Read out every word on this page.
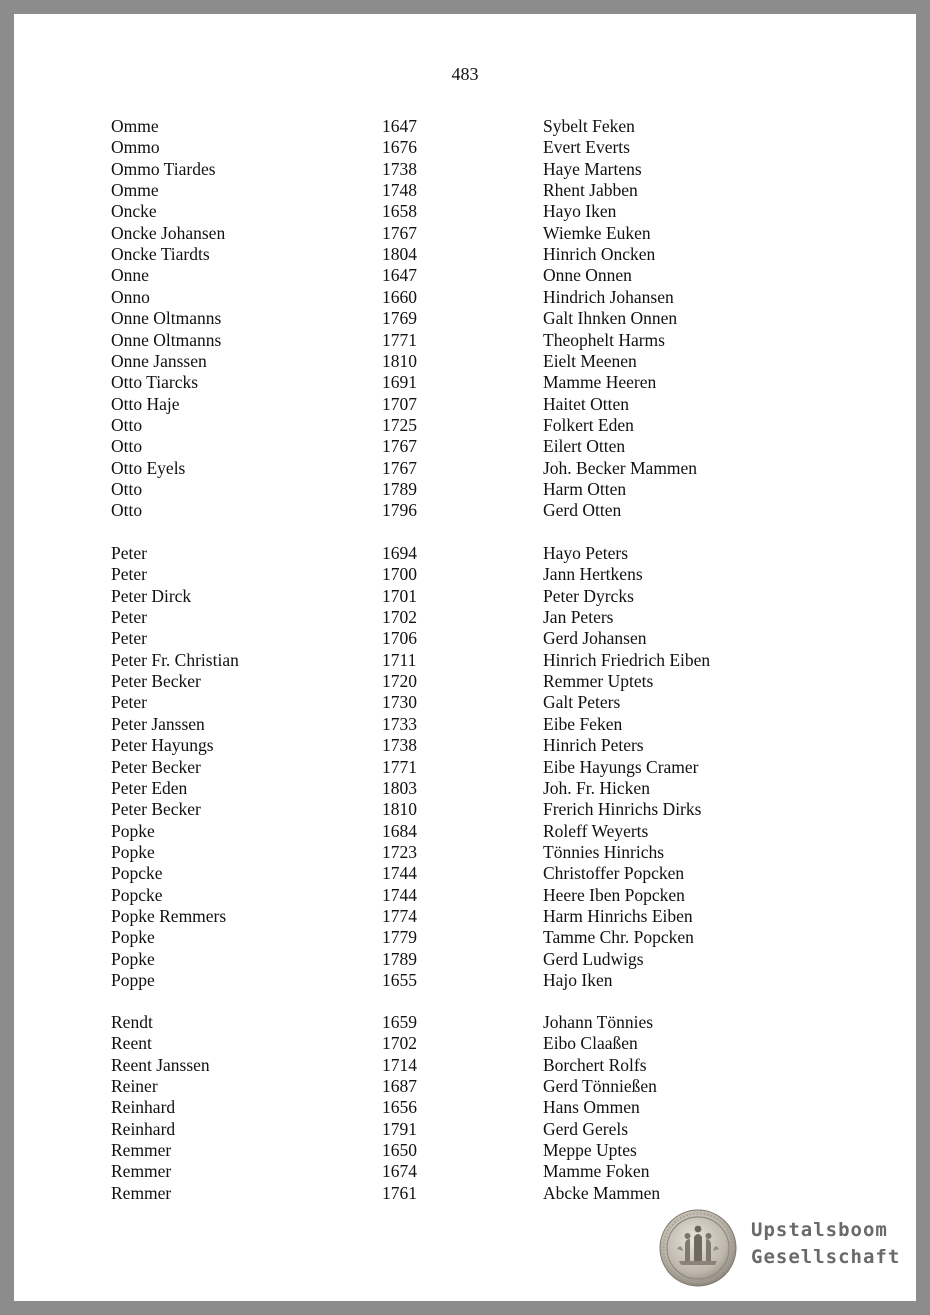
483
Omme	1647	Sybelt Feken
Ommo	1676	Evert Everts
Ommo Tiardes	1738	Haye Martens
Omme	1748	Rhent Jabben
Oncke	1658	Hayo Iken
Oncke Johansen	1767	Wiemke Euken
Oncke Tiardts	1804	Hinrich Oncken
Onne	1647	Onne Onnen
Onno	1660	Hindrich Johansen
Onne Oltmanns	1769	Galt Ihnken Onnen
Onne Oltmanns	1771	Theophelt Harms
Onne Janssen	1810	Eielt Meenen
Otto Tiarcks	1691	Mamme Heeren
Otto Haje	1707	Haitet Otten
Otto	1725	Folkert Eden
Otto	1767	Eilert Otten
Otto Eyels	1767	Joh. Becker Mammen
Otto	1789	Harm Otten
Otto	1796	Gerd Otten
Peter	1694	Hayo Peters
Peter	1700	Jann Hertkens
Peter Dirck	1701	Peter Dyrcks
Peter	1702	Jan Peters
Peter	1706	Gerd Johansen
Peter Fr. Christian	1711	Hinrich Friedrich Eiben
Peter Becker	1720	Remmer Uptets
Peter	1730	Galt Peters
Peter Janssen	1733	Eibe Feken
Peter Hayungs	1738	Hinrich Peters
Peter Becker	1771	Eibe Hayungs Cramer
Peter Eden	1803	Joh. Fr. Hicken
Peter Becker	1810	Frerich Hinrichs Dirks
Popke	1684	Roleff Weyerts
Popke	1723	Tönnies Hinrichs
Popcke	1744	Christoffer Popcken
Popcke	1744	Heere Iben Popcken
Popke Remmers	1774	Harm Hinrichs Eiben
Popke	1779	Tamme Chr. Popcken
Popke	1789	Gerd Ludwigs
Poppe	1655	Hajo Iken
Rendt	1659	Johann Tönnies
Reent	1702	Eibo Claaßen
Reent Janssen	1714	Borchert Rolfs
Reiner	1687	Gerd Tönnießen
Reinhard	1656	Hans Ommen
Reinhard	1791	Gerd Gerels
Remmer	1650	Meppe Uptes
Remmer	1674	Mamme Foken
Remmer	1761	Abcke Mammen
Upstalsboom
Gesellschaft
